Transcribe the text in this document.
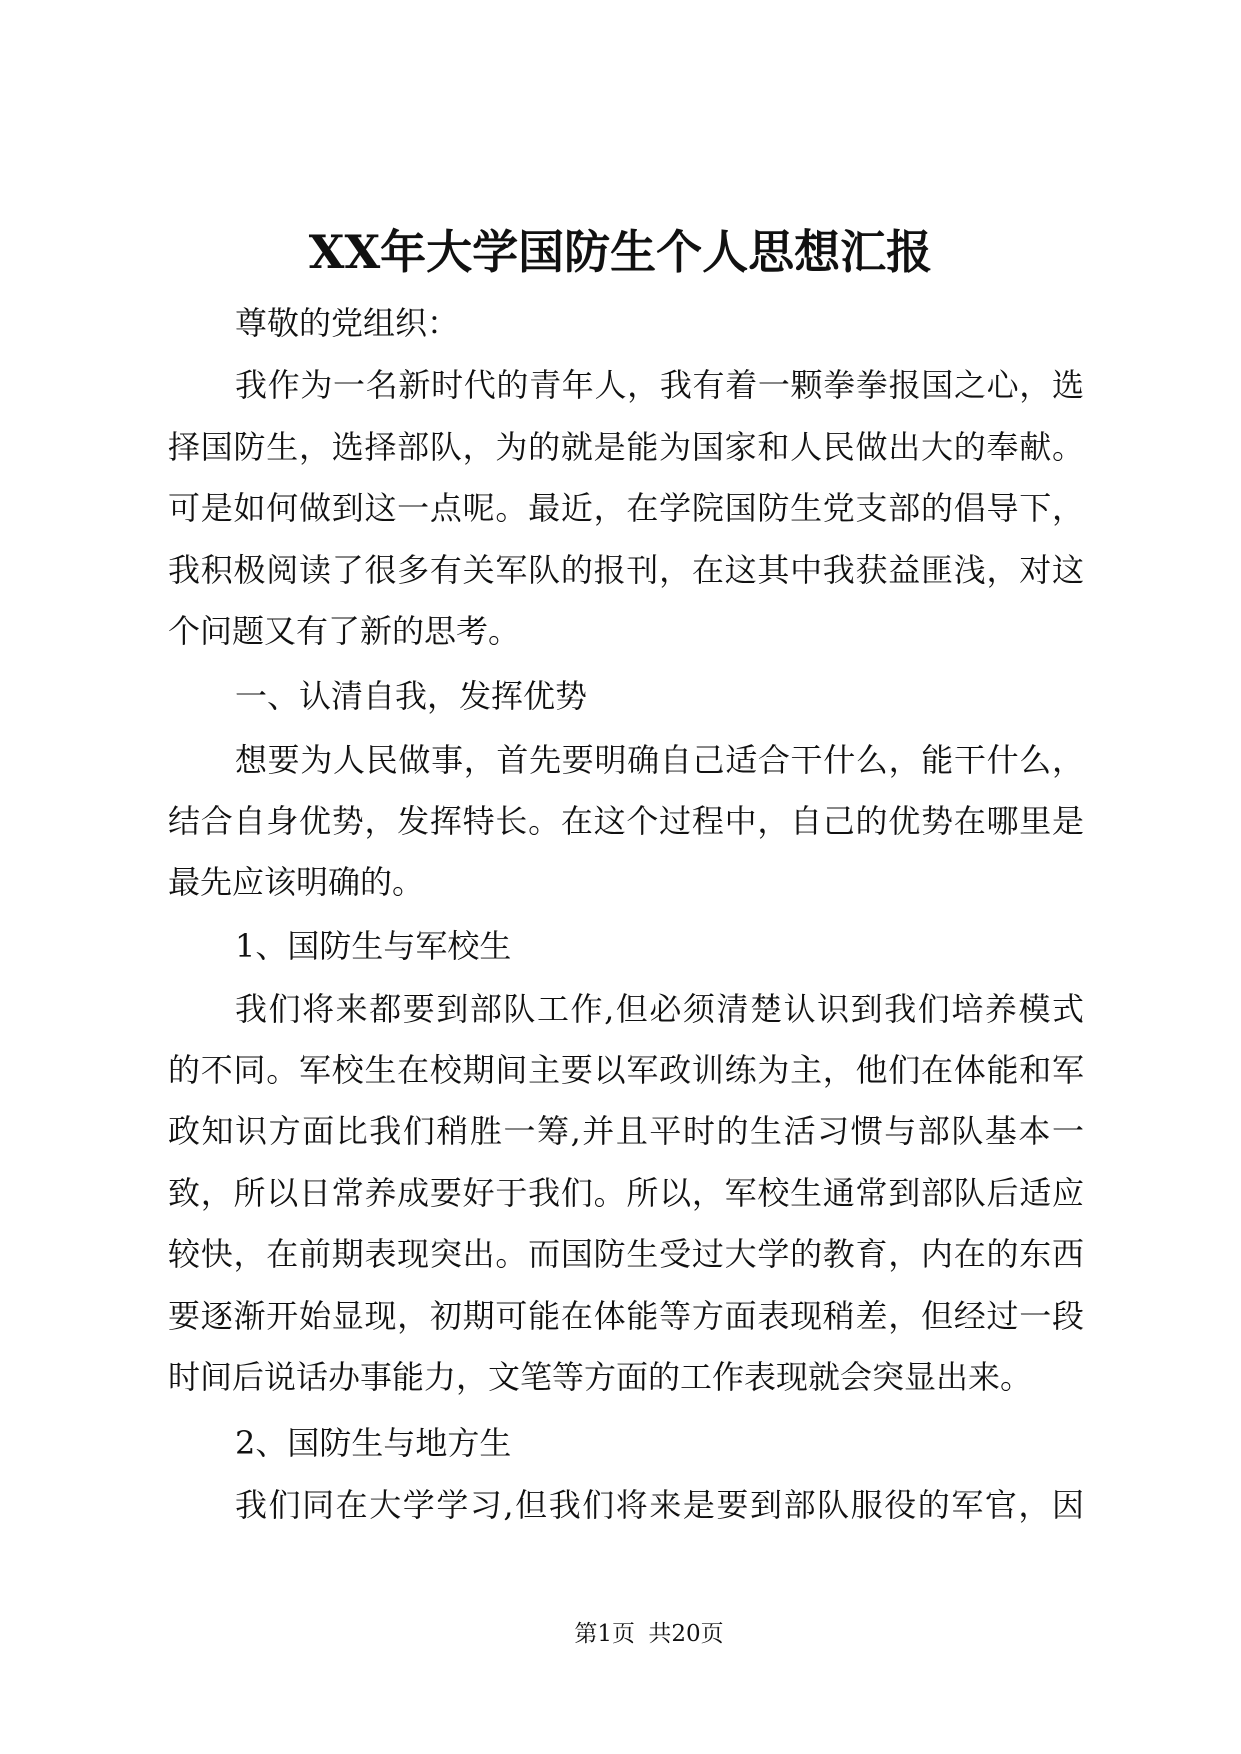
XX年大学国防生个人思想汇报
尊敬的党组织：
我作为一名新时代的青年人，我有着一颗拳拳报国之心，选
择国防生，选择部队，为的就是能为国家和人民做出大的奉献。
可是如何做到这一点呢。最近，在学院国防生党支部的倡导下，
我积极阅读了很多有关军队的报刊，在这其中我获益匪浅，对这
个问题又有了新的思考。
一、认清自我，发挥优势
想要为人民做事，首先要明确自己适合干什么，能干什么，
结合自身优势，发挥特长。在这个过程中，自己的优势在哪里是
最先应该明确的。
1、国防生与军校生
我们将来都要到部队工作,但必须清楚认识到我们培养模式
的不同。军校生在校期间主要以军政训练为主，他们在体能和军
政知识方面比我们稍胜一筹,并且平时的生活习惯与部队基本一
致，所以日常养成要好于我们。所以，军校生通常到部队后适应
较快，在前期表现突出。而国防生受过大学的教育，内在的东西
要逐渐开始显现，初期可能在体能等方面表现稍差，但经过一段
时间后说话办事能力，文笔等方面的工作表现就会突显出来。
2、国防生与地方生
我们同在大学学习,但我们将来是要到部队服役的军官，因
第1页 共20页
